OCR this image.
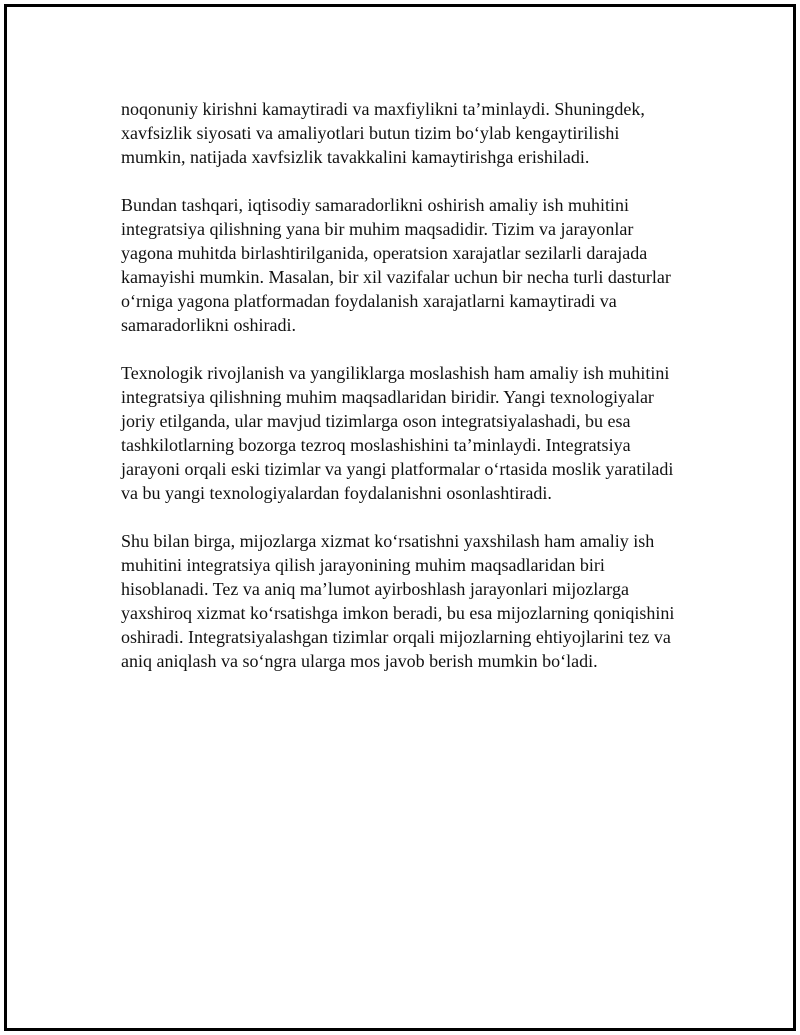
noqonuniy kirishni kamaytiradi va maxfiylikni ta’minlaydi. Shuningdek,
xavfsizlik siyosati va amaliyotlari butun tizim bo‘ylab kengaytirilishi
mumkin, natijada xavfsizlik tavakkalini kamaytirishga erishiladi.

Bundan tashqari, iqtisodiy samaradorlikni oshirish amaliy ish muhitini
integratsiya qilishning yana bir muhim maqsadidir. Tizim va jarayonlar
yagona muhitda birlashtirilganida, operatsion xarajatlar sezilarli darajada
kamayishi mumkin. Masalan, bir xil vazifalar uchun bir necha turli dasturlar
o‘rniga yagona platformadan foydalanish xarajatlarni kamaytiradi va
samaradorlikni oshiradi.

Texnologik rivojlanish va yangiliklarga moslashish ham amaliy ish muhitini
integratsiya qilishning muhim maqsadlaridan biridir. Yangi texnologiyalar
joriy etilganda, ular mavjud tizimlarga oson integratsiyalashadi, bu esa
tashkilotlarning bozorga tezroq moslashishini ta’minlaydi. Integratsiya
jarayoni orqali eski tizimlar va yangi platformalar o‘rtasida moslik yaratiladi
va bu yangi texnologiyalardan foydalanishni osonlashtiradi.

Shu bilan birga, mijozlarga xizmat ko‘rsatishni yaxshilash ham amaliy ish
muhitini integratsiya qilish jarayonining muhim maqsadlaridan biri
hisoblanadi. Tez va aniq ma’lumot ayirboshlash jarayonlari mijozlarga
yaxshiroq xizmat ko‘rsatishga imkon beradi, bu esa mijozlarning qoniqishini
oshiradi. Integratsiyalashgan tizimlar orqali mijozlarning ehtiyojlarini tez va
aniq aniqlash va so‘ngra ularga mos javob berish mumkin bo‘ladi.
